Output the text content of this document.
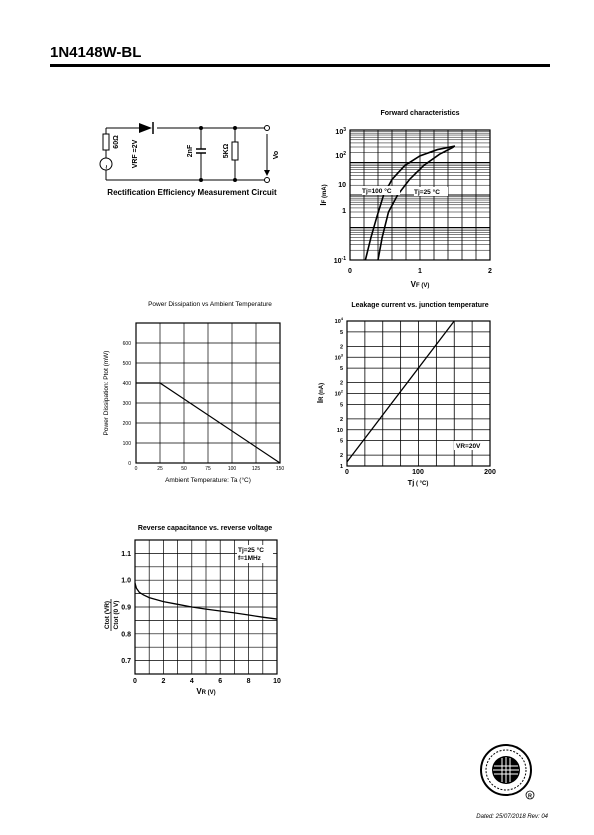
1N4148W-BL
~
60Ω VRF =2V	2nF	5KΩ	Vo
Rectification Efficiency Measurement Circuit
Forward characteristics
0	1	2
$10^{-1}$
1
10
$10^2$
$10^3$
VF (V)
IF (mA)	Tj=100 °C	Tj=25 °C
Power Dissipation vs Ambient Temperature
0	25	50	75	100	125	150
0
100
200
300
400
500
600
Ambient Temperature: Ta (°C)
Power Dissipation: Ptot (mW)
Leakage current vs. junction temperature
1
2
5
10
2
5
$10^2$
2
5
$10^3$
2
5
$10^4$
0	100	200
Tj ( °C)
IR (nA)
VR=20V
Reverse capacitance vs. reverse voltage
0	2	4	6	8	10
0.7
0.8
0.9
1.0
1.1
Tj=25 °C
f=1MHz
VR (V)
Ctot (VR) Ctot (0 V)
R
Dated: 25/07/2018 Rev: 04
